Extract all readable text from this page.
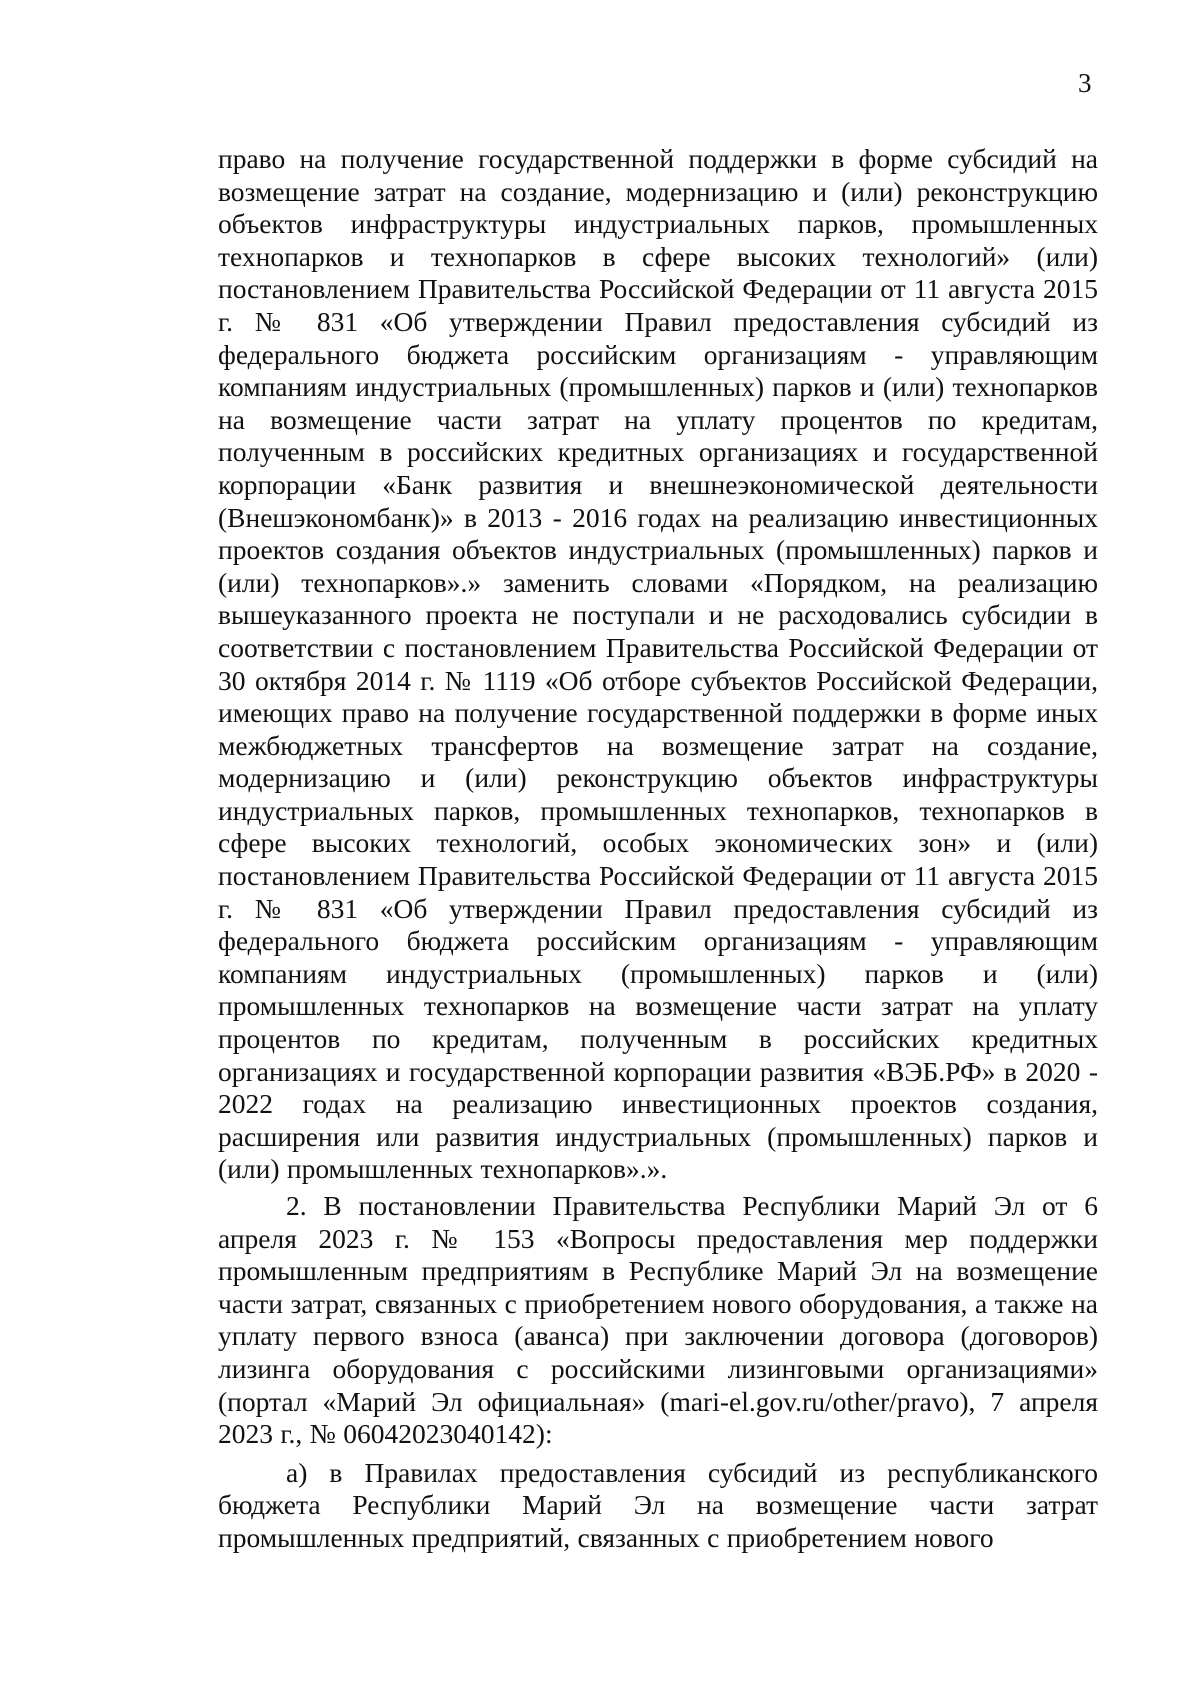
3

право на получение государственной поддержки в форме субсидий на возмещение затрат на создание, модернизацию и (или) реконструкцию объектов инфраструктуры индустриальных парков, промышленных технопарков и технопарков в сфере высоких технологий» (или) постановлением Правительства Российской Федерации от 11 августа 2015 г. № 831 «Об утверждении Правил предоставления субсидий из федерального бюджета российским организациям - управляющим компаниям индустриальных (промышленных) парков и (или) технопарков на возмещение части затрат на уплату процентов по кредитам, полученным в российских кредитных организациях и государственной корпорации «Банк развития и внешнеэкономической деятельности (Внешэкономбанк)» в 2013 - 2016 годах на реализацию инвестиционных проектов создания объектов индустриальных (промышленных) парков и (или) технопарков».» заменить словами «Порядком, на реализацию вышеуказанного проекта не поступали и не расходовались субсидии в соответствии с постановлением Правительства Российской Федерации от 30 октября 2014 г. № 1119 «Об отборе субъектов Российской Федерации, имеющих право на получение государственной поддержки в форме иных межбюджетных трансфертов на возмещение затрат на создание, модернизацию и (или) реконструкцию объектов инфраструктуры индустриальных парков, промышленных технопарков, технопарков в сфере высоких технологий, особых экономических зон» и (или) постановлением Правительства Российской Федерации от 11 августа 2015 г. № 831 «Об утверждении Правил предоставления субсидий из федерального бюджета российским организациям - управляющим компаниям индустриальных (промышленных) парков и (или) промышленных технопарков на возмещение части затрат на уплату процентов по кредитам, полученным в российских кредитных организациях и государственной корпорации развития «ВЭБ.РФ» в 2020 - 2022 годах на реализацию инвестиционных проектов создания, расширения или развития индустриальных (промышленных) парков и (или) промышленных технопарков».».

2. В постановлении Правительства Республики Марий Эл от 6 апреля 2023 г. № 153 «Вопросы предоставления мер поддержки промышленным предприятиям в Республике Марий Эл на возмещение части затрат, связанных с приобретением нового оборудования, а также на уплату первого взноса (аванса) при заключении договора (договоров) лизинга оборудования с российскими лизинговыми организациями» (портал «Марий Эл официальная» (mari-el.gov.ru/other/pravo), 7 апреля 2023 г., № 06042023040142):

а) в Правилах предоставления субсидий из республиканского бюджета Республики Марий Эл на возмещение части затрат промышленных предприятий, связанных с приобретением нового
